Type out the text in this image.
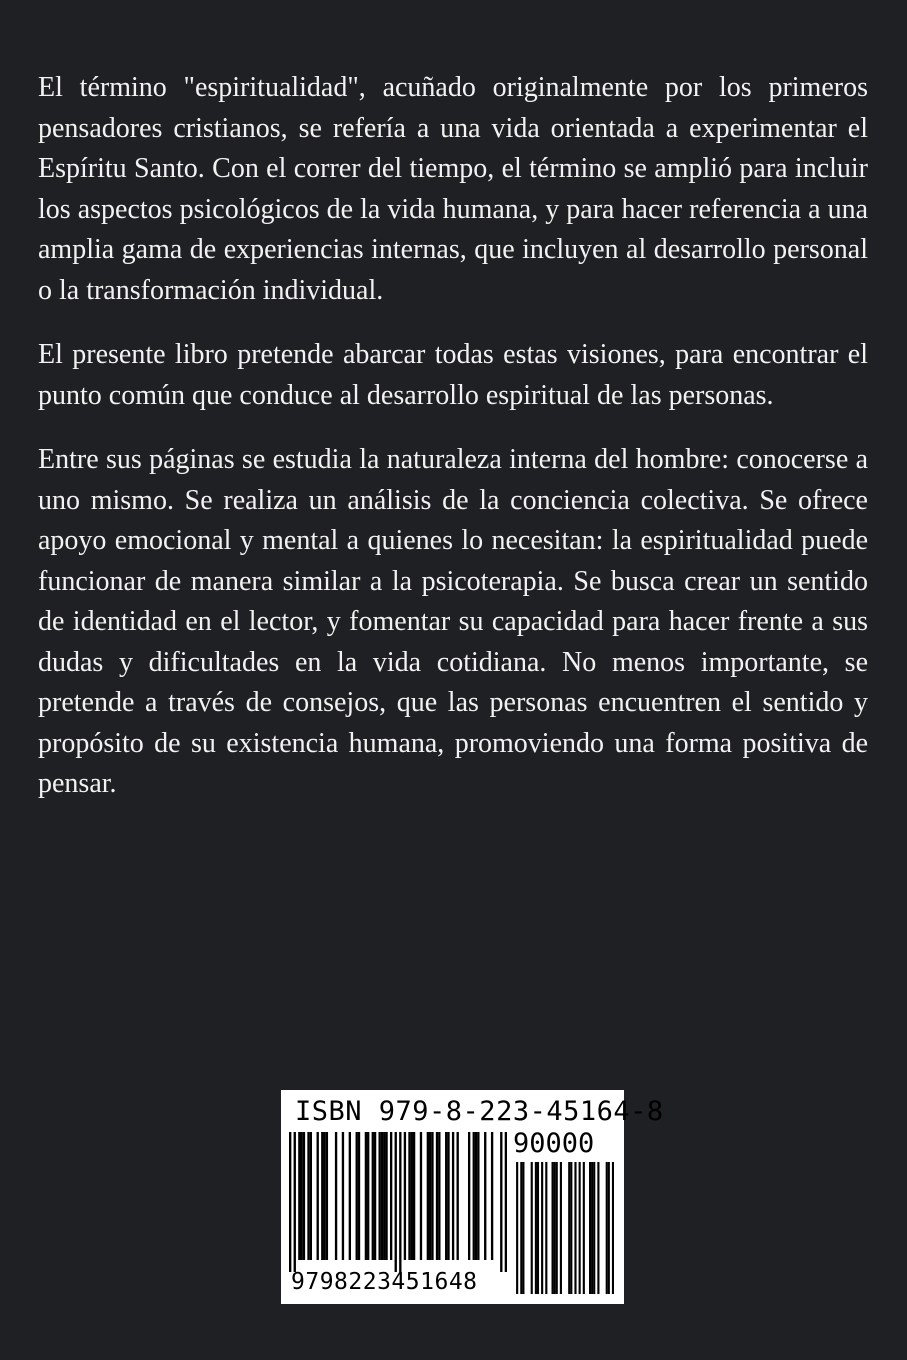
El término "espiritualidad", acuñado originalmente por los primeros pensadores cristianos, se refería a una vida orientada a experimentar el Espíritu Santo. Con el correr del tiempo, el término se amplió para incluir los aspectos psicológicos de la vida humana, y para hacer referencia a una amplia gama de experiencias internas, que incluyen al desarrollo personal o la transformación individual.

El presente libro pretende abarcar todas estas visiones, para encontrar el punto común que conduce al desarrollo espiritual de las personas.

Entre sus páginas se estudia la naturaleza interna del hombre: conocerse a uno mismo. Se realiza un análisis de la conciencia colectiva. Se ofrece apoyo emocional y mental a quienes lo necesitan: la espiritualidad puede funcionar de manera similar a la psicoterapia. Se busca crear un sentido de identidad en el lector, y fomentar su capacidad para hacer frente a sus dudas y dificultades en la vida cotidiana. No menos importante, se pretende a través de consejos, que las personas encuentren el sentido y propósito de su existencia humana, promoviendo una forma positiva de pensar.

ISBN 979-8-223-45164-8
90000
9798223451648
